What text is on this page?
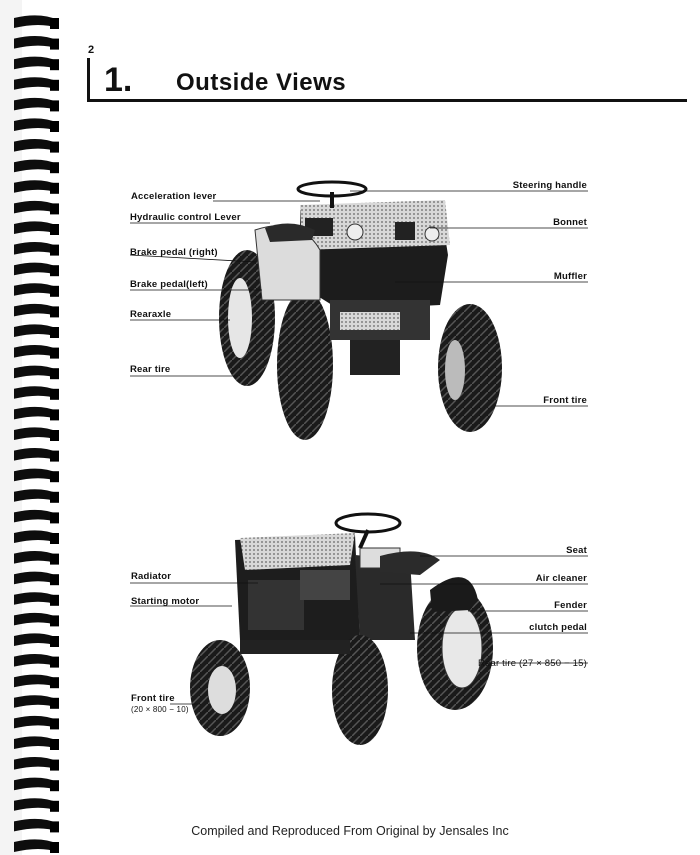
2
1. Outside Views
Acceleration lever
Hydraulic control Lever
Brake pedal (right)
Brake pedal(left)
Rearaxle
Rear tire
Steering handle
Bonnet
Muffler
Front tire
Radiator
Starting motor
Front tire
(20 × 800 − 10)
Seat
Air cleaner
Fender
clutch pedal
Rear tire (27 × 850 − 15)
Compiled and Reproduced From Original by Jensales Inc
